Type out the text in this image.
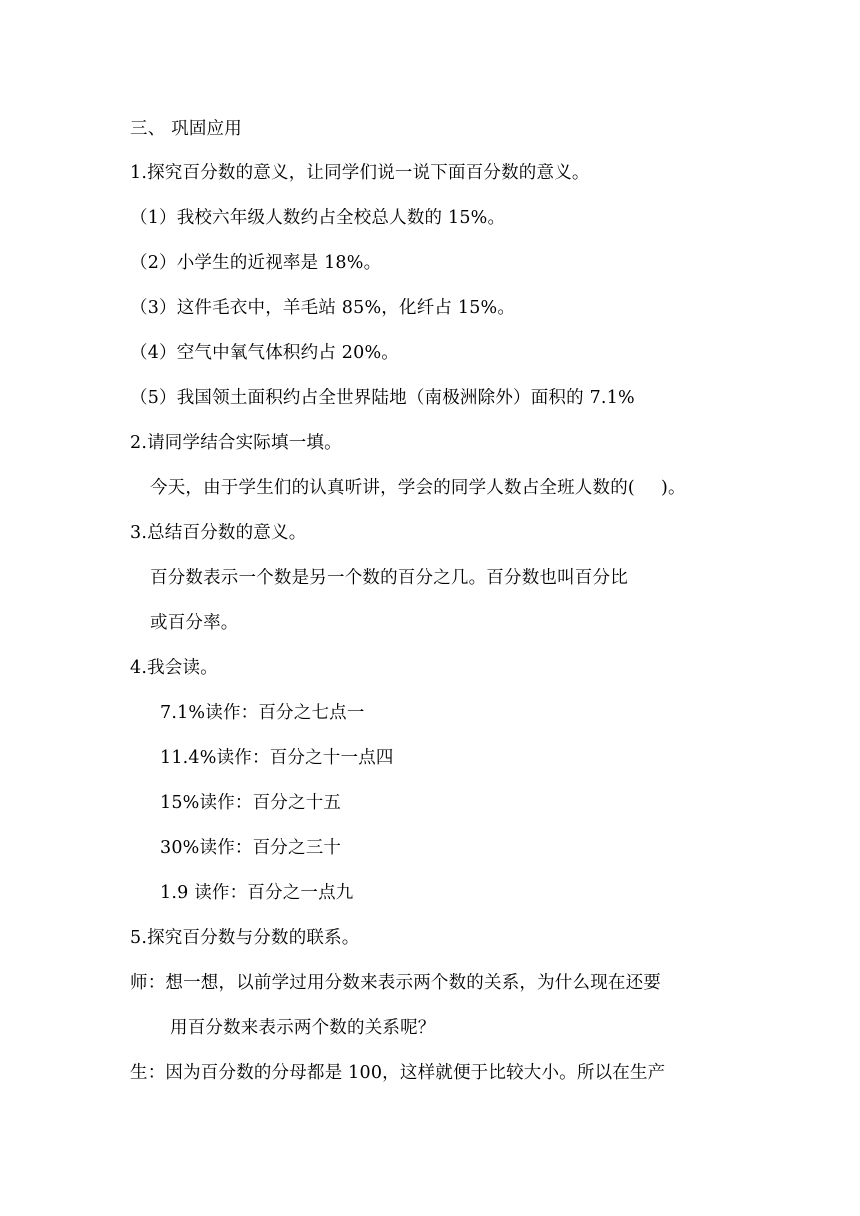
三、 巩固应用
1.探究百分数的意义，让同学们说一说下面百分数的意义。
（1）我校六年级人数约占全校总人数的 15%。
（2）小学生的近视率是 18%。
（3）这件毛衣中，羊毛站 85%，化纤占 15%。
（4）空气中氧气体积约占 20%。
（5）我国领土面积约占全世界陆地（南极洲除外）面积的 7.1%
2.请同学结合实际填一填。
今天，由于学生们的认真听讲，学会的同学人数占全班人数的( )。
3.总结百分数的意义。
百分数表示一个数是另一个数的百分之几。百分数也叫百分比
或百分率。
4.我会读。
7.1%读作：百分之七点一
11.4%读作：百分之十一点四
15%读作：百分之十五
30%读作：百分之三十
1.9 读作：百分之一点九
5.探究百分数与分数的联系。
师：想一想，以前学过用分数来表示两个数的关系，为什么现在还要
用百分数来表示两个数的关系呢？
生：因为百分数的分母都是 100，这样就便于比较大小。所以在生产
